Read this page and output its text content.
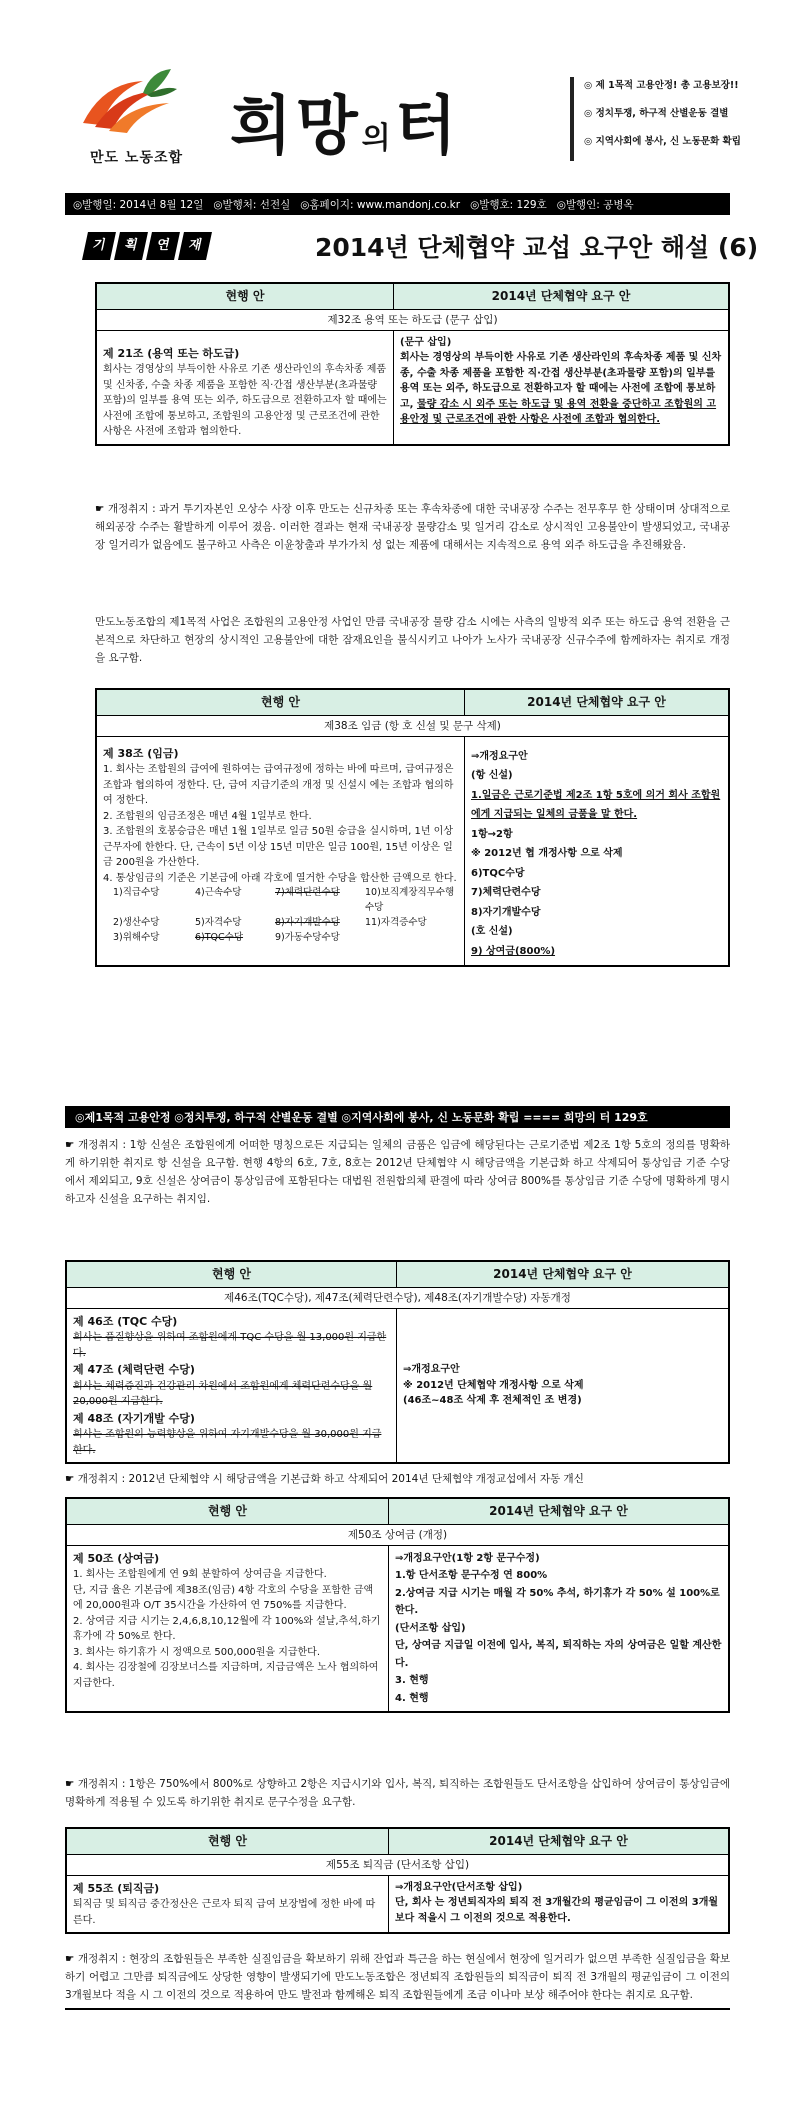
만도 노동조합 희망의터
◎ 제 1목적 고용안정! 총 고용보장!!
◎ 정치투쟁, 하구적 산별운동 결별
◎ 지역사회에 봉사, 신 노동문화 확립
◎발행일: 2014년 8월 12일 ◎발행처: 선전실 ◎홈페이지: www.mandonj.co.kr ◎발행호: 129호 ◎발행인: 공병옥
기	획	연	재	2014년 단체협약 교섭 요구안 해설 (6)
현행 안	2014년 단체협약 요구 안
제32조 용역 또는 하도급 (문구 삽입)
제 21조 (용역 또는 하도급)
회사는 경영상의 부득이한 사유로 기존 생산라인의 후속차종 제품 및 신차종, 수출 차종 제품을 포함한 직·간접 생산부분(초과물량 포함)의 일부를 용역 또는 외주, 하도급으로 전환하고자 할 때에는 사전에 조합에 통보하고, 조합원의 고용안정 및 근로조건에 관한 사항은 사전에 조합과 협의한다.
(문구 삽입)
회사는 경영상의 부득이한 사유로 기존 생산라인의 후속차종 제품 및 신차종, 수출 차종 제품을 포함한 직·간접 생산부분(초과물량 포함)의 일부를 용역 또는 외주, 하도급으로 전환하고자 할 때에는 사전에 조합에 통보하고, 물량 감소 시 외주 또는 하도급 및 용역 전환을 중단하고 조합원의 고용안정 및 근로조건에 관한 사항은 사전에 조합과 협의한다.
☛ 개정취지 : 과거 투기자본인 오상수 사장 이후 만도는 신규차종 또는 후속차종에 대한 국내공장 수주는 전무후무 한 상태이며 상대적으로 해외공장 수주는 활발하게 이루어 졌음. 이러한 결과는 현재 국내공장 물량감소 및 일거리 감소로 상시적인 고용불안이 발생되었고, 국내공장 일거리가 없음에도 불구하고 사측은 이윤창출과 부가가치 성 없는 제품에 대해서는 지속적으로 용역 외주 하도급을 추진해왔음.
만도노동조합의 제1목적 사업은 조합원의 고용안정 사업인 만큼 국내공장 물량 감소 시에는 사측의 일방적 외주 또는 하도급 용역 전환을 근본적으로 차단하고 현장의 상시적인 고용불안에 대한 잠재요인을 불식시키고 나아가 노사가 국내공장 신규수주에 함께하자는 취지로 개정을 요구함.
현행 안	2014년 단체협약 요구 안
제38조 임금 (항 호 신설 및 문구 삭제)
제 38조 (임금)
1. 회사는 조합원의 급여에 원하여는 급여규정에 정하는 바에 따르며, 급여규정은 조합과 협의하여 정한다. 단, 급여 지급기준의 개정 및 신설시 에는 조합과 협의하여 정한다.
2. 조합원의 임금조정은 매년 4월 1일부로 한다.
3. 조합원의 호봉승급은 매년 1월 1일부로 일금 50원 승급을 실시하며, 1년 이상 근무자에 한한다. 단, 근속이 5년 이상 15년 미만은 일금 100원, 15년 이상은 일금 200원을 가산한다.
4. 통상임금의 기준은 기본급에 아래 각호에 열거한 수당을 합산한 금액으로 한다.
1)직급수당	4)근속수당	7)체력단련수당	10)보직계장직무수행수당
2)생산수당	5)자격수당	8)자기개발수당	11)자격증수당
3)위해수당	6)TQC수당	9)가동수당수당
⇒개정요구안
(항 신설)
1.일금은 근로기준법 제2조 1항 5호에 의거 회사 조합원에게 지급되는 일체의 금품을 말 한다.
1항→2항
※ 2012년 협 개정사항 으로 삭제
6)TQC수당
7)체력단련수당
8)자기개발수당
(호 신설)
9) 상여금(800%)
◎제1목적 고용안정 ◎정치투쟁, 하구적 산별운동 결별 ◎지역사회에 봉사, 신 노동문화 확립 ==== 희망의 터 129호
☛ 개정취지 : 1항 신설은 조합원에게 어떠한 명칭으로든 지급되는 일체의 금품은 임금에 해당된다는 근로기준법 제2조 1항 5호의 정의를 명확하게 하기위한 취지로 항 신설을 요구함. 현행 4항의 6호, 7호, 8호는 2012년 단체협약 시 해당금액을 기본급화 하고 삭제되어 통상임금 기준 수당에서 제외되고, 9호 신설은 상여금이 통상임금에 포함된다는 대법원 전원합의체 판결에 따라 상여금 800%를 통상임금 기준 수당에 명확하게 명시하고자 신설을 요구하는 취지임.
현행 안	2014년 단체협약 요구 안
제46조(TQC수당), 제47조(체력단련수당), 제48조(자기개발수당) 자동개정
제 46조 (TQC 수당)
회사는 품질향상을 위하여 조합원에게 TQC 수당을 월 13,000원 지급한다.
제 47조 (체력단련 수당)
회사는 체력증진과 건강관리 차원에서 조합원에게 체력단련수당을 월 20,000원 지급한다.
제 48조 (자기개발 수당)
회사는 조합원의 능력향상을 위하여 자기개발수당을 월 30,000원 지급한다.
⇒개정요구안
※ 2012년 단체협약 개정사항 으로 삭제
(46조~48조 삭제 후 전체적인 조 변경)
☛ 개정취지 : 2012년 단체협약 시 해당금액을 기본급화 하고 삭제되어 2014년 단체협약 개정교섭에서 자동 개신
현행 안	2014년 단체협약 요구 안
제50조 상여금 (개정)
제 50조 (상여금)
1. 회사는 조합원에게 연 9회 분할하여 상여금을 지급한다.
단, 지급 율은 기본급에 제38조(임금) 4항 각호의 수당을 포함한 금액에 20,000원과 O/T 35시간을 가산하여 연 750%를 지급한다.
2. 상여금 지급 시기는 2,4,6,8,10,12월에 각 100%와 설날,추석,하기 휴가에 각 50%로 한다.
3. 회사는 하기휴가 시 정액으로 500,000원을 지급한다.
4. 회사는 김장철에 김장보너스를 지급하며, 지급금액은 노사 협의하여 지급한다.
⇒개정요구안(1항 2항 문구수정)
1.항 단서조항 문구수정 연 800%
2.상여금 지급 시기는 매월 각 50% 추석, 하기휴가 각 50% 설 100%로 한다.
(단서조항 삽입)
단, 상여금 지급일 이전에 입사, 복직, 퇴직하는 자의 상여금은 일할 계산한다.
3. 현행
4. 현행
☛ 개정취지 : 1항은 750%에서 800%로 상향하고 2항은 지급시기와 입사, 복직, 퇴직하는 조합원들도 단서조항을 삽입하여 상여금이 통상임금에 명확하게 적용될 수 있도록 하기위한 취지로 문구수정을 요구함.
현행 안	2014년 단체협약 요구 안
제55조 퇴직금 (단서조항 삽입)
제 55조 (퇴직금)
퇴직금 및 퇴직금 중간정산은 근로자 퇴직 급여 보장법에 정한 바에 따른다.
⇒개정요구안(단서조항 삽입)
단, 회사 는 정년퇴직자의 퇴직 전 3개월간의 평균임금이 그 이전의 3개월 보다 적을시 그 이전의 것으로 적용한다.
☛ 개정취지 : 현장의 조합원들은 부족한 실질임금을 확보하기 위해 잔업과 특근을 하는 현실에서 현장에 일거리가 없으면 부족한 실질임금을 확보하기 어렵고 그만큼 퇴직금에도 상당한 영향이 발생되기에 만도노동조합은 정년퇴직 조합원들의 퇴직금이 퇴직 전 3개월의 평균임금이 그 이전의 3개월보다 적을 시 그 이전의 것으로 적용하여 만도 발전과 함께해온 퇴직 조합원들에게 조금 이나마 보상 해주어야 한다는 취지로 요구함.
